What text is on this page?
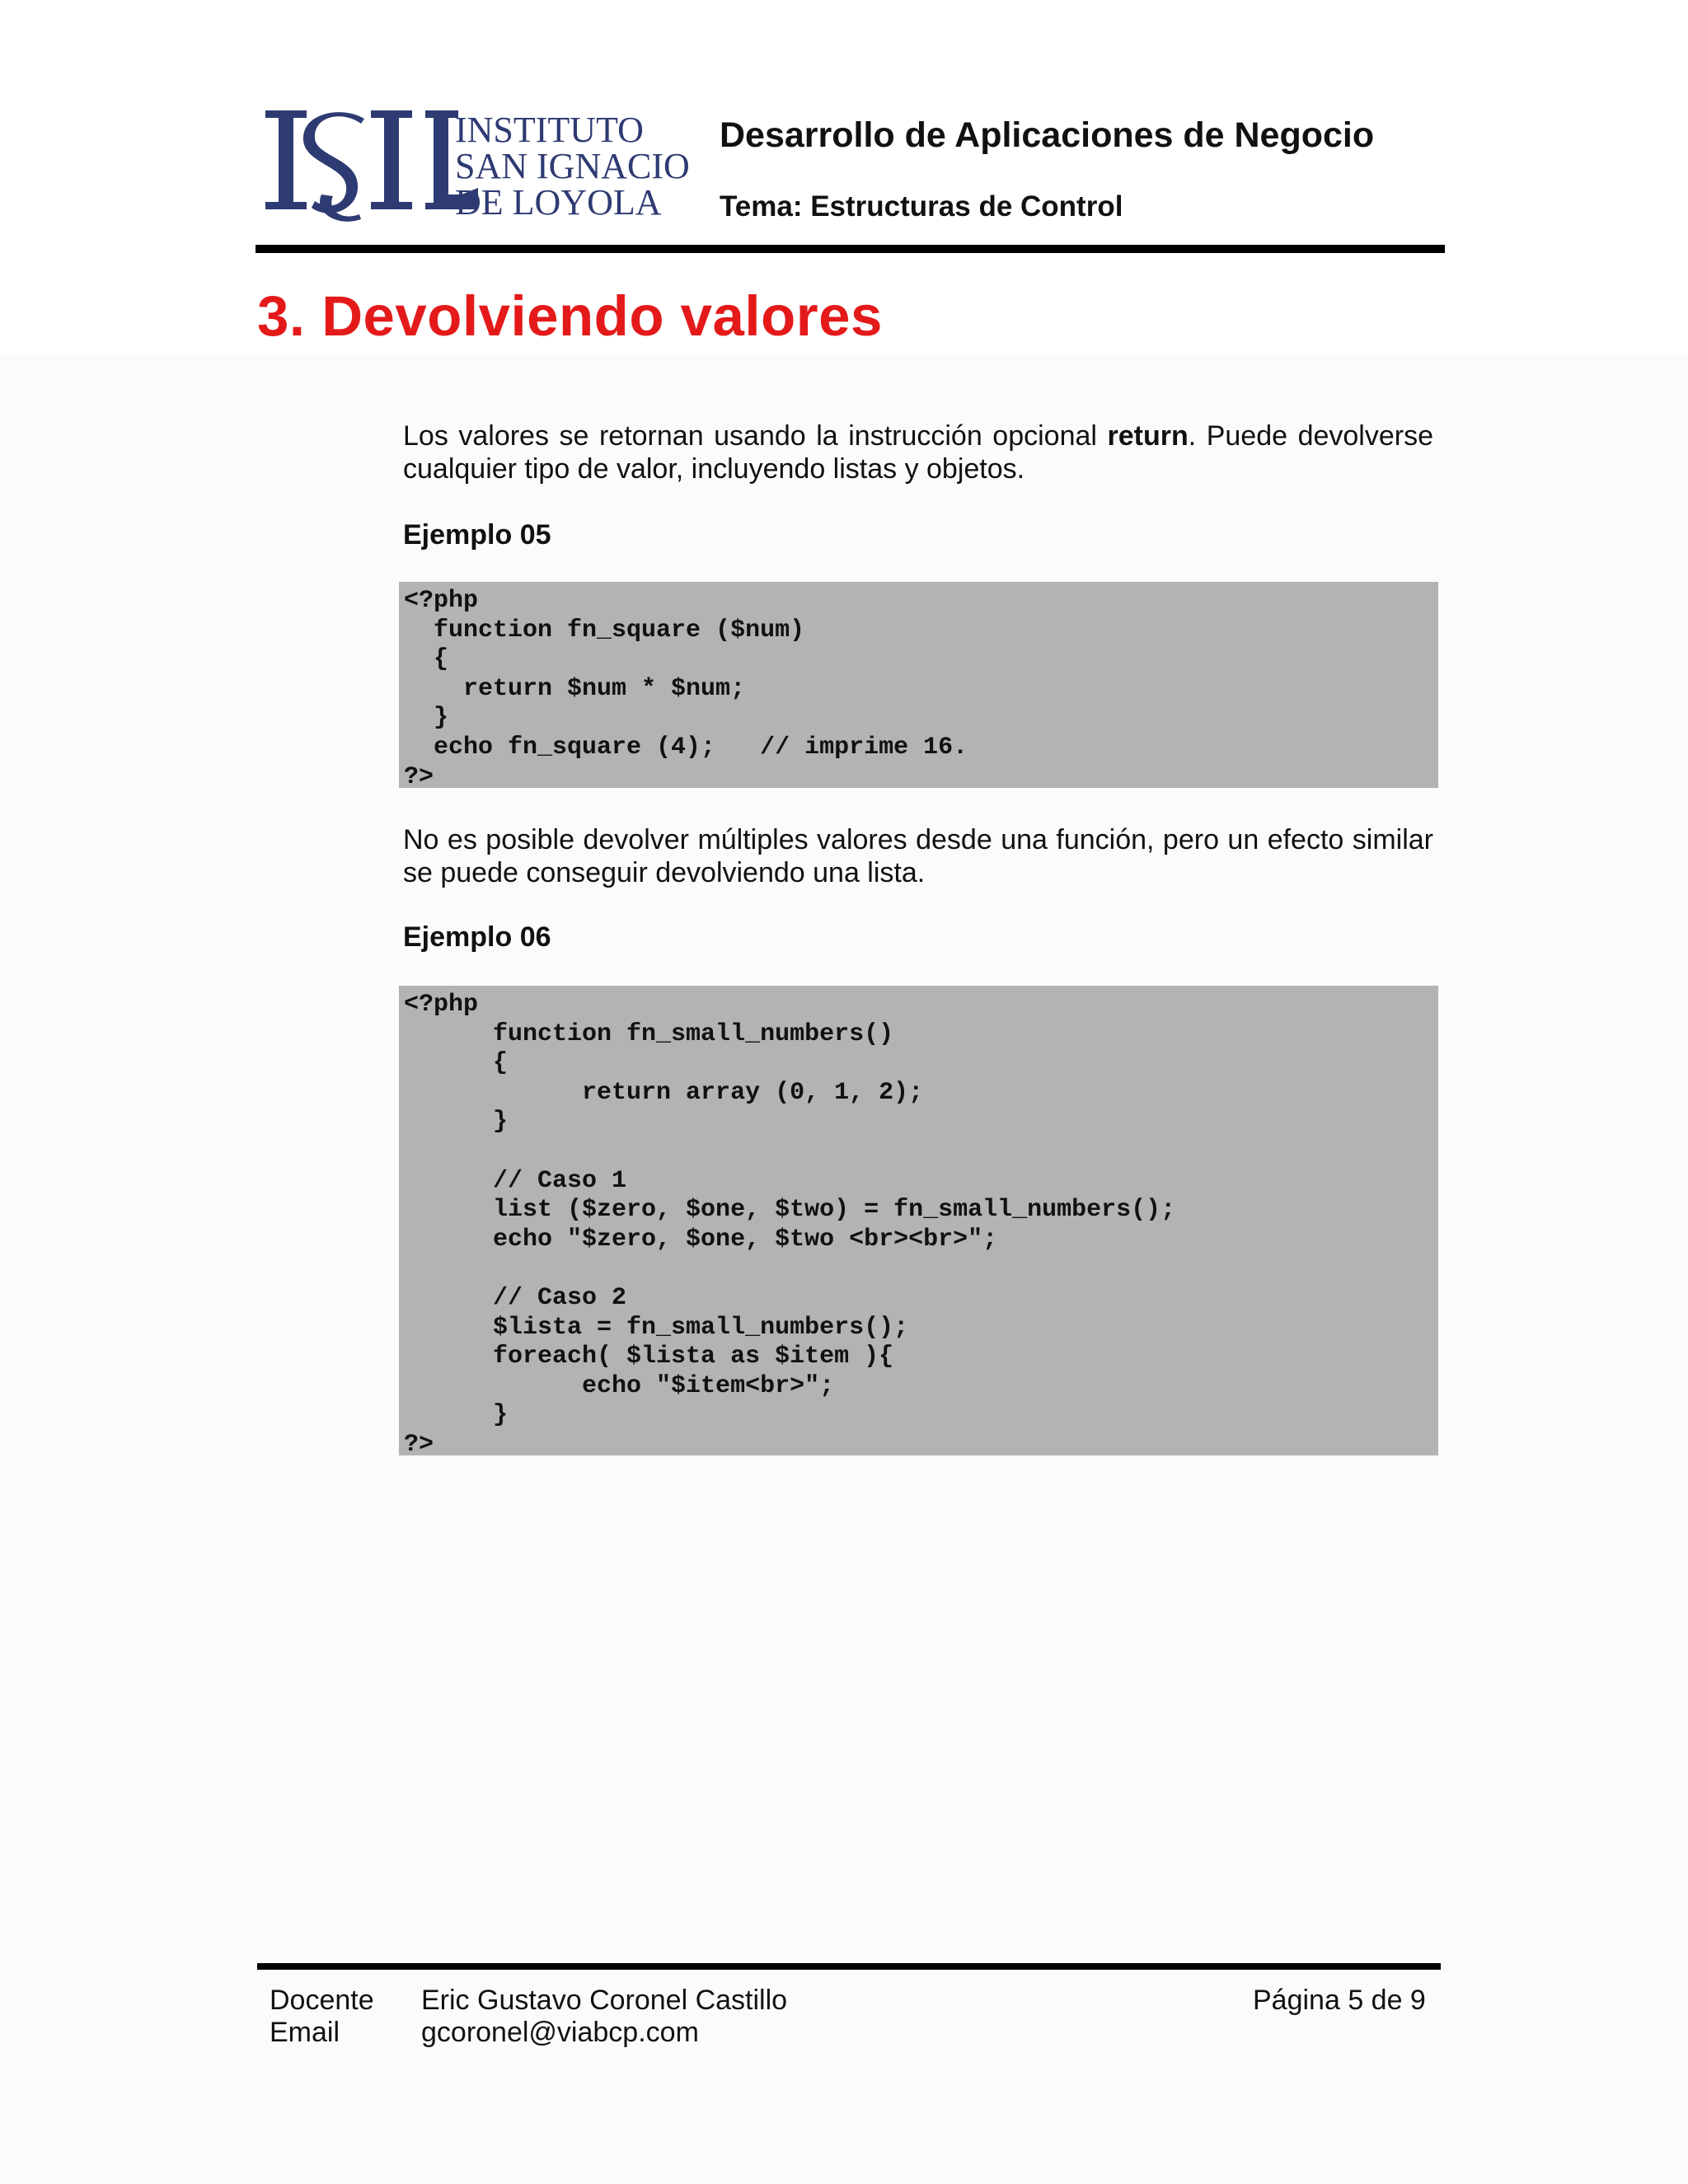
INSTITUTO
SAN IGNACIO
DE LOYOLA
Desarrollo de Aplicaciones de Negocio
Tema: Estructuras de Control
3. Devolviendo valores

Los valores se retornan usando la instrucción opcional return. Puede devolverse cualquier tipo de valor, incluyendo listas y objetos.

Ejemplo 05

<?php
function fn_square ($num)
{
return $num * $num;
}
echo fn_square (4);   // imprime 16.
?>

No es posible devolver múltiples valores desde una función, pero un efecto similar se puede conseguir devolviendo una lista.

Ejemplo 06

<?php
function fn_small_numbers()
{
return array (0, 1, 2);
}

// Caso 1
list ($zero, $one, $two) = fn_small_numbers();
echo "$zero, $one, $two <br><br>";

// Caso 2
$lista = fn_small_numbers();
foreach( $lista as $item ){
echo "$item<br>";
}
?>

Docente

Email

Eric Gustavo Coronel Castillo

gcoronel@viabcp.com

Página 5 de 9
